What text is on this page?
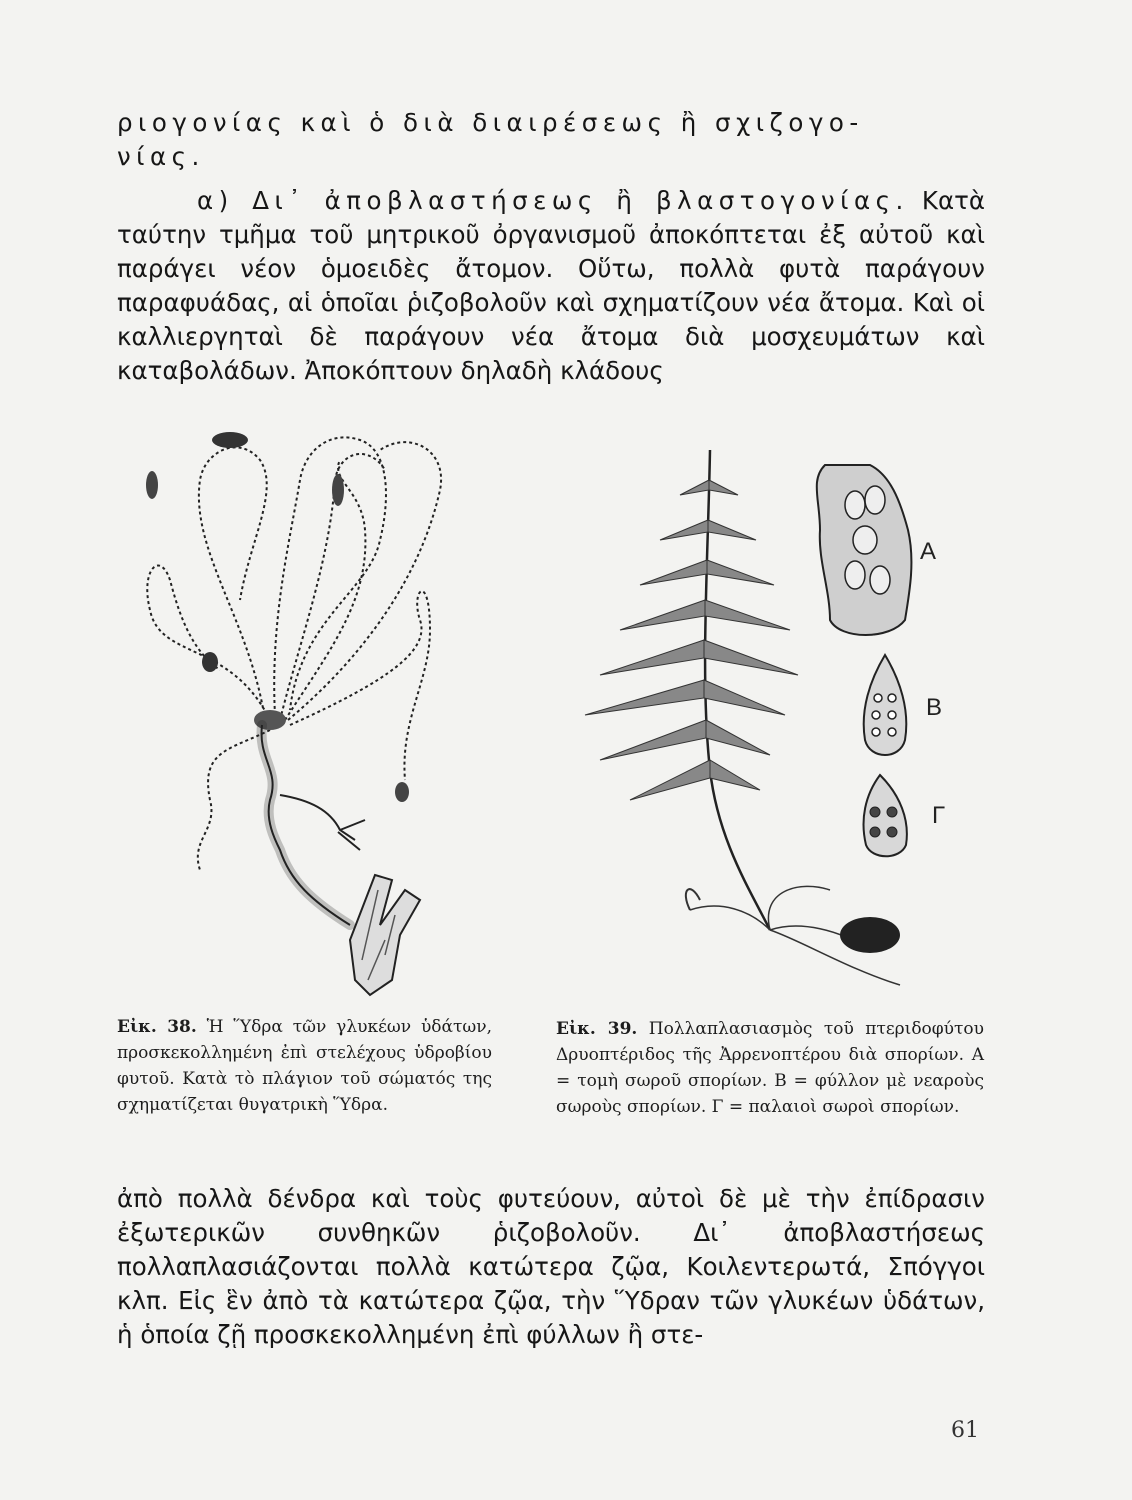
ριογονίας καὶ ὁ διὰ διαιρέσεως ἢ σχιζογο-
νίας.

α) Δι᾽ ἀποβλαστήσεως ἢ βλαστογονίας. Κατὰ ταύτην τμῆμα τοῦ μητρικοῦ ὀργανισμοῦ ἀποκόπτεται ἐξ αὐτοῦ καὶ παράγει νέον ὁμοειδὲς ἄτομον. Οὕτω, πολλὰ φυτὰ παράγουν παραφυάδας, αἱ ὁποῖαι ῥιζοβολοῦν καὶ σχηματίζουν νέα ἄτομα. Καὶ οἱ καλλιεργηταὶ δὲ παράγουν νέα ἄτομα διὰ μοσχευμάτων καὶ καταβολάδων. Ἀποκόπτουν δηλαδὴ κλάδους

Α
Β
Γ
Εἰκ. 38. Ἡ Ὕδρα τῶν γλυκέων ὑδάτων, προσκεκολλημένη ἐπὶ στελέχους ὑδροβίου φυτοῦ. Κατὰ τὸ πλάγιον τοῦ σώματός της σχηματίζεται θυγατρικὴ Ὕδρα.
Εἰκ. 39. Πολλαπλασιασμὸς τοῦ πτεριδοφύτου Δρυοπτέριδος τῆς Ἀρρενοπτέρου διὰ σπορίων. Α = τομὴ σωροῦ σπορίων. Β = φύλλον μὲ νεαροὺς σωροὺς σπορίων. Γ = παλαιοὶ σωροὶ σπορίων.

ἀπὸ πολλὰ δένδρα καὶ τοὺς φυτεύουν, αὐτοὶ δὲ μὲ τὴν ἐπίδρασιν ἐξωτερικῶν συνθηκῶν ῥιζοβολοῦν. Δι᾽ ἀποβλαστήσεως πολλαπλασιάζονται πολλὰ κατώτερα ζῷα, Κοιλεντερωτά, Σπόγγοι κλπ. Εἰς ἓν ἀπὸ τὰ κατώτερα ζῷα, τὴν Ὕδραν τῶν γλυκέων ὑδάτων, ἡ ὁποία ζῇ προσκεκολλημένη ἐπὶ φύλλων ἢ στε-

61
